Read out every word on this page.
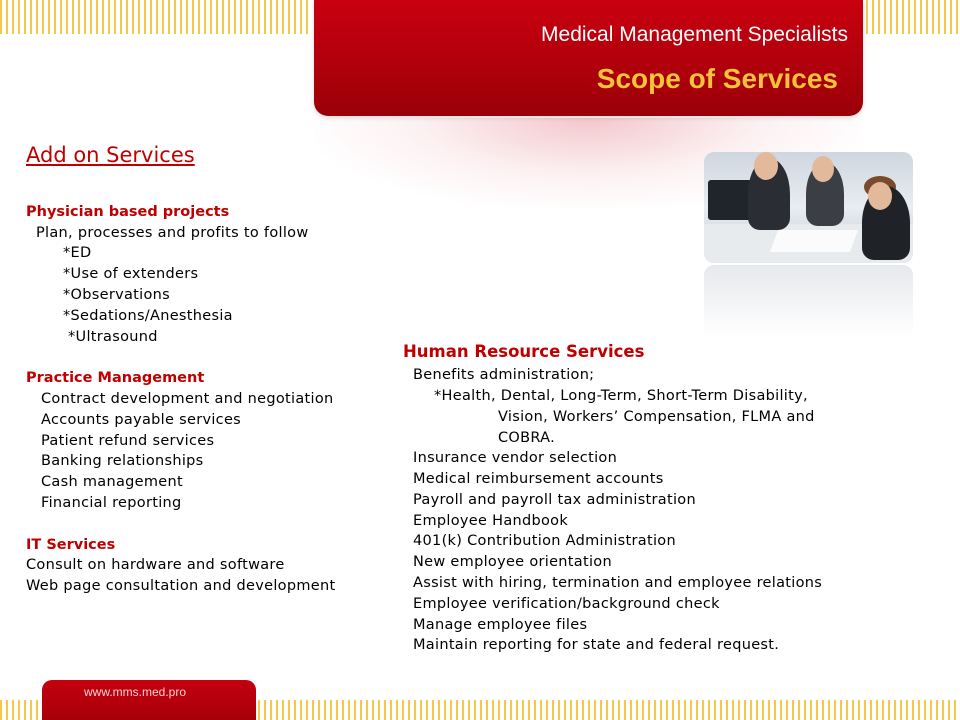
Medical Management Specialists
Scope of Services
Add on Services
Physician based projects
Plan, processes and profits to follow
*ED
*Use of extenders
*Observations
*Sedations/Anesthesia
*Ultrasound
Practice Management
Contract development and negotiation
Accounts payable services
Patient refund services
Banking relationships
Cash management
Financial reporting
IT Services
Consult on hardware and software
Web page consultation and development
Human Resource Services
Benefits administration;
*Health, Dental, Long-Term, Short-Term Disability,
Vision, Workers’ Compensation, FLMA and
COBRA.
Insurance vendor selection
Medical reimbursement accounts
Payroll and payroll tax administration
Employee Handbook
401(k) Contribution Administration
New employee orientation
Assist with hiring, termination and employee relations
Employee verification/background check
Manage employee files
Maintain reporting for state and federal request.
www.mms.med.pro
